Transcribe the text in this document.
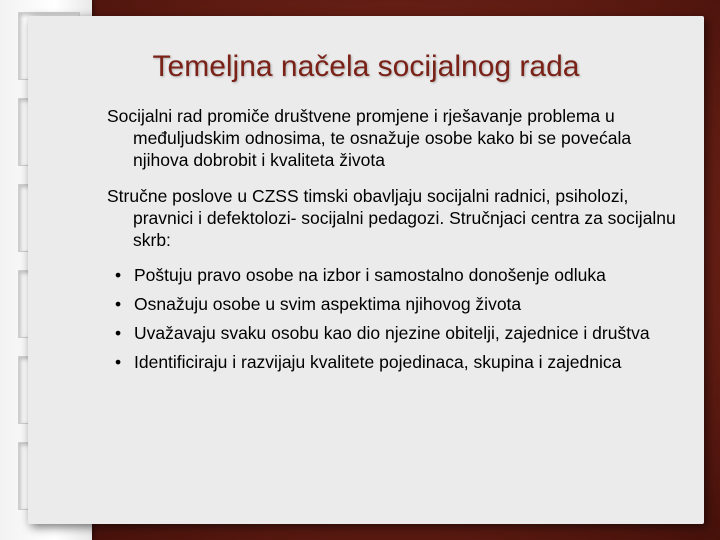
Temeljna načela socijalnog rada

Socijalni rad promiče društvene promjene i rješavanje problema u međuljudskim odnosima, te osnažuje osobe kako bi se povećala njihova dobrobit i kvaliteta života

Stručne poslove u CZSS timski obavljaju socijalni radnici, psiholozi, pravnici i defektolozi- socijalni pedagozi. Stručnjaci centra za socijalnu skrb:

• Poštuju pravo osobe na izbor i samostalno donošenje odluka
• Osnažuju osobe u svim aspektima njihovog života
• Uvažavaju svaku osobu kao dio njezine obitelji, zajednice i društva
• Identificiraju i razvijaju kvalitete pojedinaca, skupina i zajednica
